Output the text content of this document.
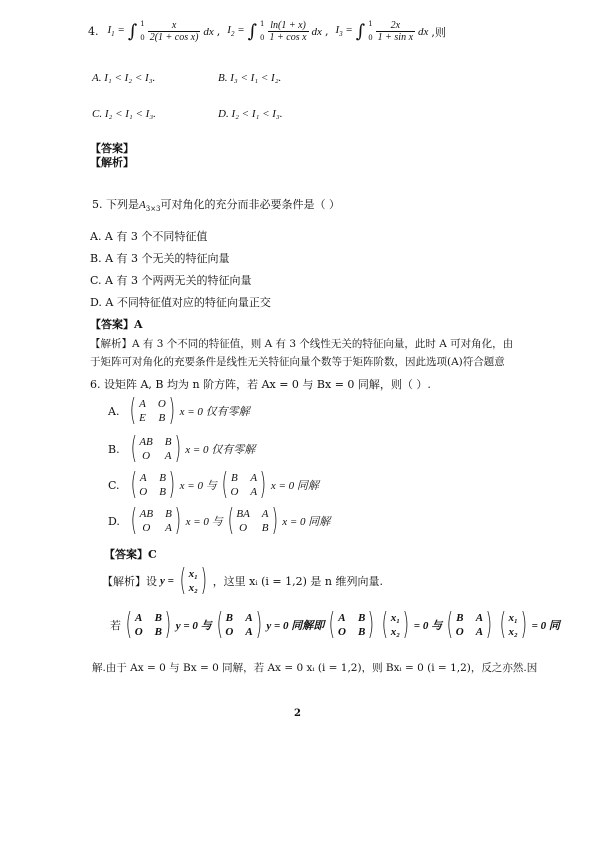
4. $I_1$ = ∫ 1

$0 \frac{x}{\text{2(1 + cos x)}}$ dx , $I_2$ = ∫ 1

$0 \frac{\ln(1 + x)}{\text{1 + cos x}}$ dx , $I_3$ = ∫ 1

$0 \frac{2x}{\text{1 + sin x}}$ dx ,则
A. I₁ < I₂ < I₃.	B. I₃ < I₁ < I₂.
C. I₂ < I₁ < I₃.	D. I₂ < I₁ < I₃.
【答案】
【解析】
5. 下列是$A_{3\times 3}$可对角化的充分而非必要条件是（ ）
A. A 有 3 个不同特征值
B. A 有 3 个无关的特征向量
C. A 有 3 个两两无关的特征向量
D. A 不同特征值对应的特征向量正交
【答案】A
【解析】A 有 3 个不同的特征值，则 A 有 3 个线性无关的特征向量，此时 A 可对角化，由
于矩阵可对角化的充要条件是线性无关特征向量个数等于矩阵阶数，因此选项(A)符合题意
6. 设矩阵 A, B 均为 n 阶方阵，若 Ax = 0 与 Bx = 0 同解，则（ ）.
A. ( A O
E B ) x = 0 仅有零解
B. ( AB B
O A ) x = 0 仅有零解
C. ( A B
O B ) x = 0 与 ( B A
O A ) x = 0 同解
D. ( AB B
O A ) x = 0 与 ( BA A
O B ) x = 0 同解
【答案】C
【解析】设 y = ( x₁
x₂ ) ，这里 xᵢ (i = 1,2) 是 n 维列向量.
若 ( A B
O B ) y = 0 与 ( B A
O A ) y = 0 同解即 ( A B
O B ) ( x₁
x₂ ) = 0 与 ( B A
O A ) ( x₁
x₂ ) = 0 同
解.由于 Ax = 0 与 Bx = 0 同解，若 Ax = 0 xᵢ (i = 1,2)，则 Bxᵢ = 0 (i = 1,2)，反之亦然.因
2
